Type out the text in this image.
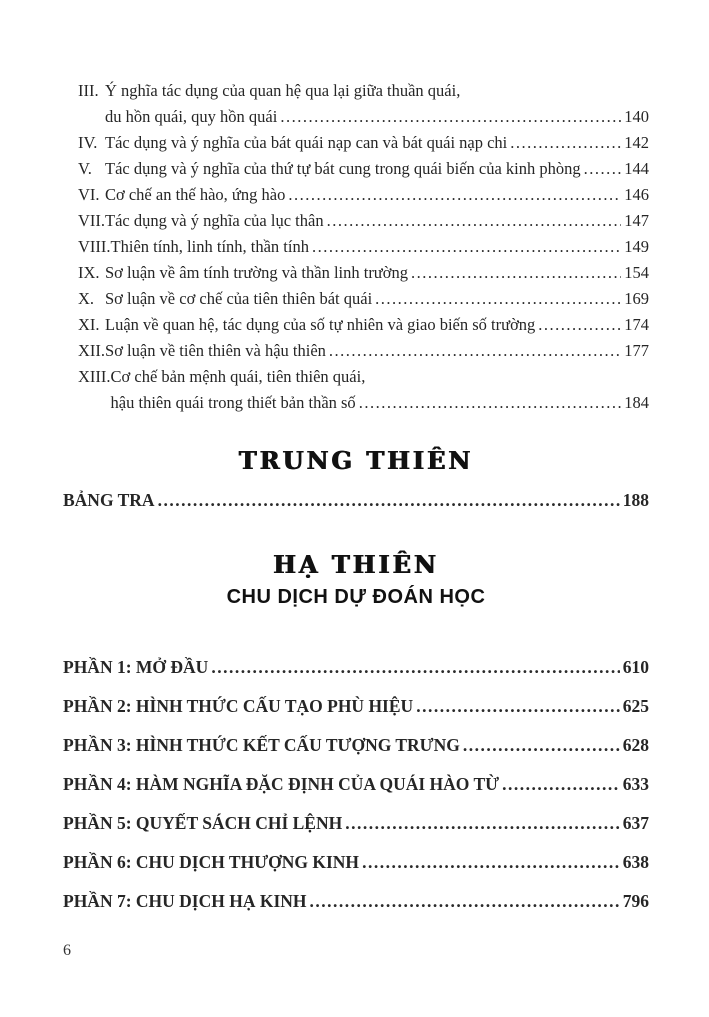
III. Ý nghĩa tác dụng của quan hệ qua lại giữa thuần quái,
du hồn quái, quy hồn quái .....	140
IV. Tác dụng và ý nghĩa của bát quái nạp can và bát quái nạp chi .....	142
V. Tác dụng và ý nghĩa của thứ tự bát cung trong quái biến của kinh phòng .....	144
VI. Cơ chế an thế hào, ứng hào .....	146
VII. Tác dụng và ý nghĩa của lục thân .....	147
VIII. Thiên tính, linh tính, thần tính .....	149
IX. Sơ luận về âm tính trường và thần linh trường .....	154
X. Sơ luận về cơ chế của tiên thiên bát quái .....	169
XI. Luận về quan hệ, tác dụng của số tự nhiên và giao biến số trường .....	174
XII. Sơ luận về tiên thiên và hậu thiên .....	177
XIII. Cơ chế bản mệnh quái, tiên thiên quái,
hậu thiên quái trong thiết bản thần số .....	184
TRUNG THIÊN
BẢNG TRA .....	188
HẠ THIÊN
CHU DỊCH DỰ ĐOÁN HỌC
PHẦN 1: MỞ ĐẦU .....	610
PHẦN 2: HÌNH THỨC CẤU TẠO PHÙ HIỆU .....	625
PHẦN 3: HÌNH THỨC KẾT CẤU TƯỢNG TRƯNG .....	628
PHẦN 4: HÀM NGHĨA ĐẶC ĐỊNH CỦA QUÁI HÀO TỪ .....	633
PHẦN 5: QUYẾT SÁCH CHỈ LỆNH .....	637
PHẦN 6: CHU DỊCH THƯỢNG KINH .....	638
PHẦN 7: CHU DỊCH HẠ KINH .....	796
6
